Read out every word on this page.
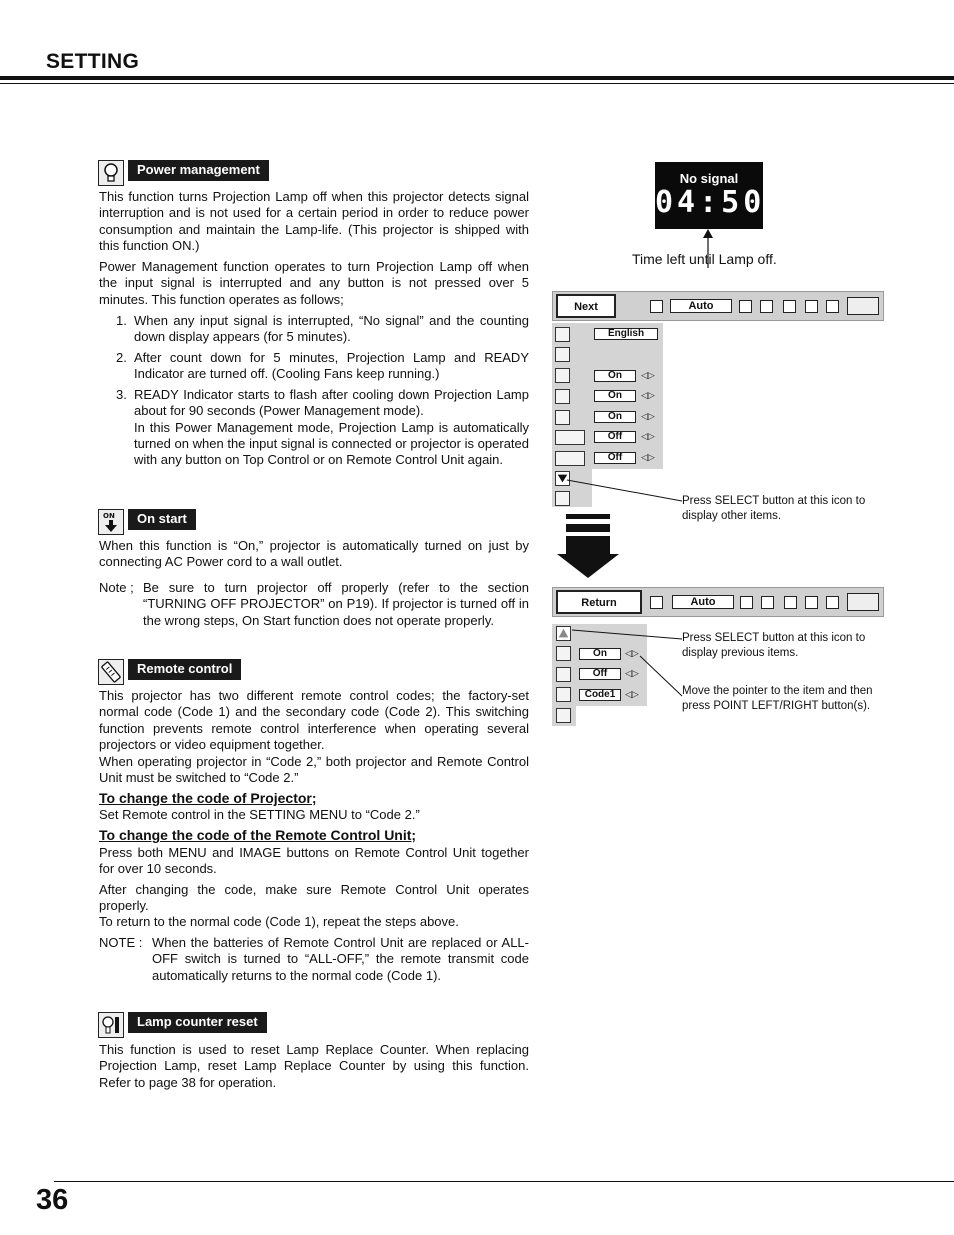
SETTING
Power management
This function turns Projection Lamp off when this projector detects signal interruption and is not used for a certain period in order to reduce power consumption and maintain the Lamp-life. (This projector is shipped with this function ON.)
Power Management function operates to turn Projection Lamp off when the input signal is interrupted and any button is not pressed over 5 minutes. This function operates as follows;
1. When any input signal is interrupted, “No signal” and the counting down display appears (for 5 minutes).
2. After count down for 5 minutes, Projection Lamp and READY Indicator are turned off. (Cooling Fans keep running.)
3. READY Indicator starts to flash after cooling down Projection Lamp about for 90 seconds (Power Management mode).
In this Power Management mode, Projection Lamp is automatically turned on when the input signal is connected or projector is operated with any button on Top Control or on Remote Control Unit again.
ON	On start
When this function is “On,” projector is automatically turned on just by connecting AC Power cord to a wall outlet.
Note ; Be sure to turn projector off properly (refer to the section “TURNING OFF PROJECTOR” on P19). If projector is turned off in the wrong steps, On Start function does not operate properly.
Remote control
This projector has two different remote control codes; the factory-set normal code (Code 1) and the secondary code (Code 2). This switching function prevents remote control interference when operating several projectors or video equipment together.
When operating projector in “Code 2,” both projector and Remote Control Unit must be switched to “Code 2.”
To change the code of Projector;
Set Remote control in the SETTING MENU to “Code 2.”
To change the code of the Remote Control Unit;
Press both MENU and IMAGE buttons on Remote Control Unit together for over 10 seconds.
After changing the code, make sure Remote Control Unit operates properly.
To return to the normal code (Code 1), repeat the steps above.
NOTE : When the batteries of Remote Control Unit are replaced or ALL-OFF switch is turned to “ALL-OFF,” the remote transmit code automatically returns to the normal code (Code 1).
Lamp counter reset
This function is used to reset Lamp Replace Counter. When replacing Projection Lamp, reset Lamp Replace Counter by using this function. Refer to page 38 for operation.
No signal
04:50
Time left until Lamp off.
Next	Auto
English
On	◁▷
On	◁▷
On	◁▷
Off	◁▷
Off	◁▷
Press SELECT button at this icon to display other items.
Return	Auto
On	◁▷
Off	◁▷
Code1	◁▷
Press SELECT button at this icon to display previous items.
Move the pointer to the item and then press POINT LEFT/RIGHT button(s).
36
